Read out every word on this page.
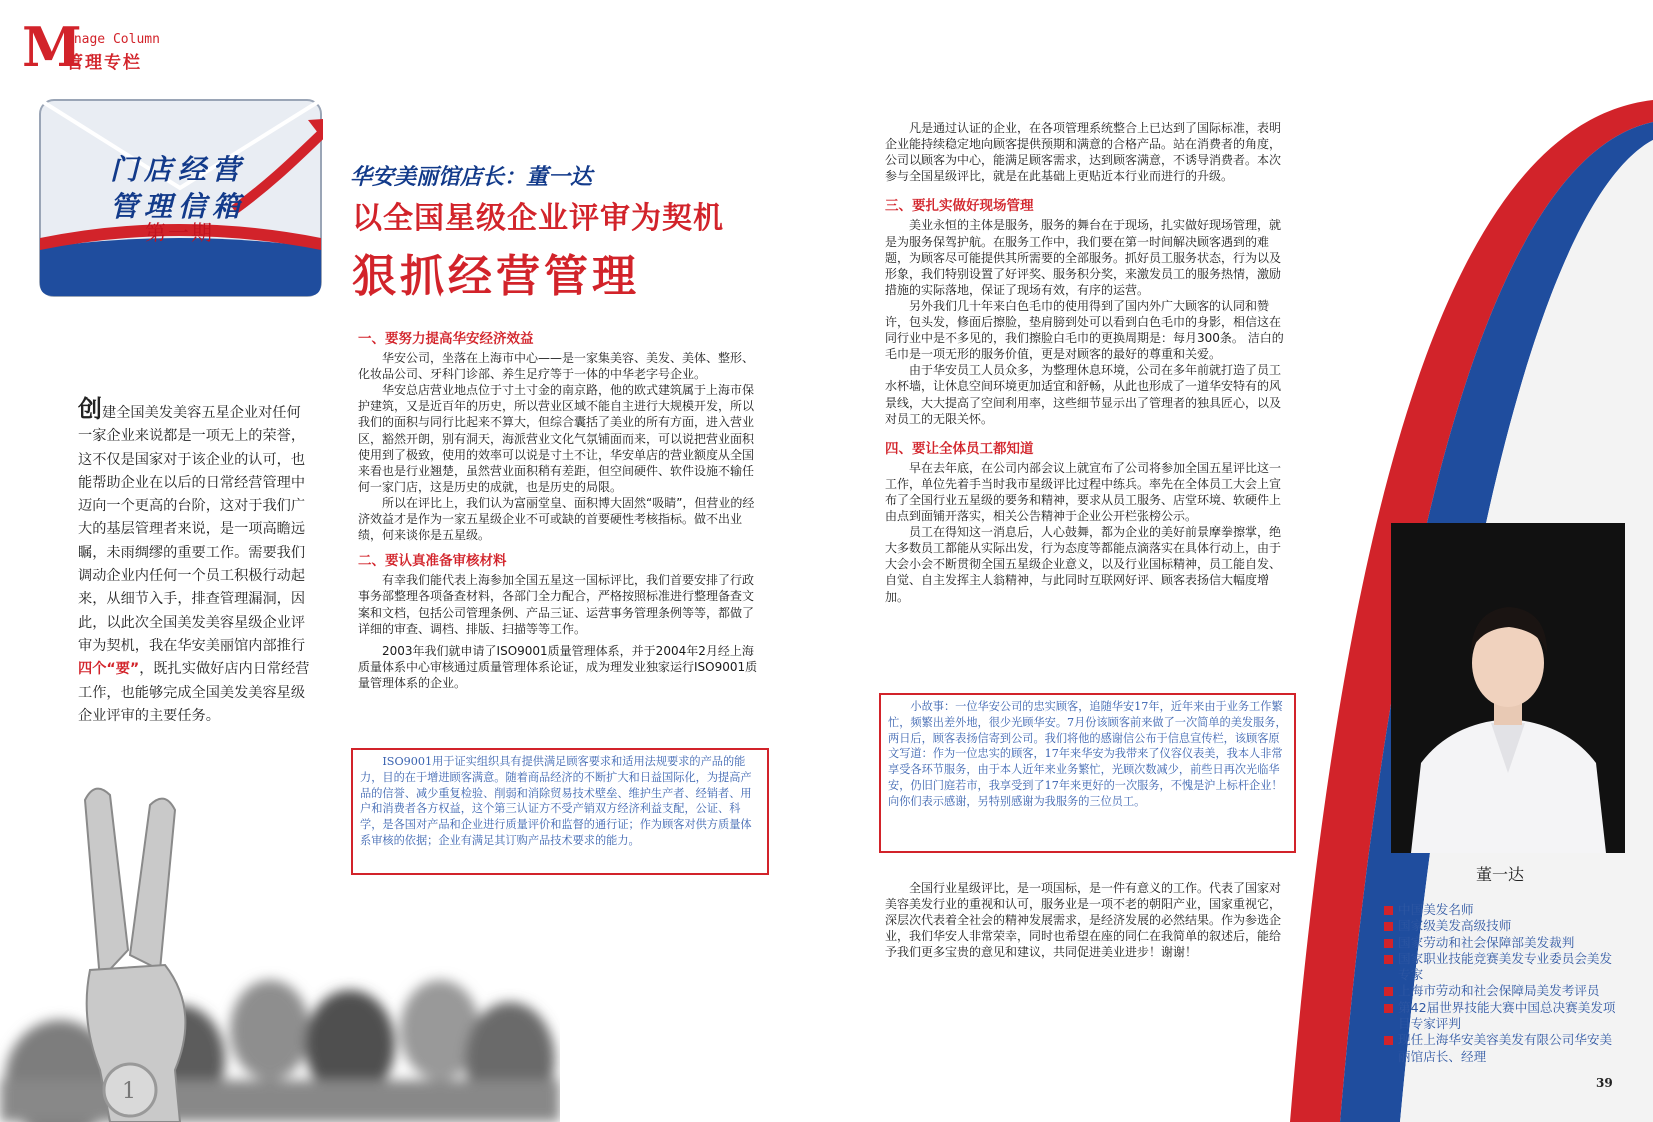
M
anage Column
管理专栏
门店经营
管理信箱
第一期
华安美丽馆店长：董一达
以全国星级企业评审为契机
狠抓经营管理
创建全国美发美容五星企业对任何一家企业来说都是一项无上的荣誉，这不仅是国家对于该企业的认可，也能帮助企业在以后的日常经营管理中迈向一个更高的台阶，这对于我们广大的基层管理者来说，是一项高瞻远瞩，未雨绸缪的重要工作。需要我们调动企业内任何一个员工积极行动起来，从细节入手，排查管理漏洞，因此，以此次全国美发美容星级企业评审为契机，我在华安美丽馆内部推行四个“要”，既扎实做好店内日常经营工作，也能够完成全国美发美容星级企业评审的主要任务。
1
一、要努力提高华安经济效益

华安公司，坐落在上海市中心——是一家集美容、美发、美体、整形、化妆品公司、牙科门诊部、养生足疗等于一体的中华老字号企业。

华安总店营业地点位于寸土寸金的南京路，他的欧式建筑属于上海市保护建筑，又是近百年的历史，所以营业区域不能自主进行大规模开发，所以我们的面积与同行比起来不算大，但综合囊括了美业的所有方面，进入营业区，豁然开朗，别有洞天，海派营业文化气氛铺面而来，可以说把营业面积使用到了极致，使用的效率可以说是寸土不让，华安单店的营业额度从全国来看也是行业翘楚，虽然营业面积稍有差距，但空间硬件、软件设施不输任何一家门店，这是历史的成就，也是历史的局限。

所以在评比上，我们认为富丽堂皇、面积博大固然“吸睛”，但营业的经济效益才是作为一家五星级企业不可或缺的首要硬性考核指标。做不出业绩，何来谈你是五星级。

二、要认真准备审核材料

有幸我们能代表上海参加全国五星这一国标评比，我们首要安排了行政事务部整理各项备查材料，各部门全力配合，严格按照标准进行整理备查文案和文档，包括公司管理条例、产品三证、运营事务管理条例等等，都做了详细的审查、调档、排版、扫描等等工作。

2003年我们就申请了ISO9001质量管理体系，并于2004年2月经上海质量体系中心审核通过质量管理体系论证，成为理发业独家运行ISO9001质量管理体系的企业。

ISO9001用于证实组织具有提供满足顾客要求和适用法规要求的产品的能力，目的在于增进顾客满意。随着商品经济的不断扩大和日益国际化，为提高产品的信誉、减少重复检验、削弱和消除贸易技术壁垒、维护生产者、经销者、用户和消费者各方权益，这个第三认证方不受产销双方经济利益支配，公证、科学，是各国对产品和企业进行质量评价和监督的通行证；作为顾客对供方质量体系审核的依据；企业有满足其订购产品技术要求的能力。

凡是通过认证的企业，在各项管理系统整合上已达到了国际标准，表明企业能持续稳定地向顾客提供预期和满意的合格产品。站在消费者的角度，公司以顾客为中心，能满足顾客需求，达到顾客满意，不诱导消费者。本次参与全国星级评比，就是在此基础上更贴近本行业而进行的升级。

三、要扎实做好现场管理

美业永恒的主体是服务，服务的舞台在于现场，扎实做好现场管理，就是为服务保驾护航。在服务工作中，我们要在第一时间解决顾客遇到的难题，为顾客尽可能提供其所需要的全部服务。抓好员工服务状态，行为以及形象，我们特别设置了好评奖、服务积分奖，来激发员工的服务热情，激励措施的实际落地，保证了现场有效，有序的运营。

另外我们几十年来白色毛巾的使用得到了国内外广大顾客的认同和赞许，包头发，修面后擦脸，垫肩膀到处可以看到白色毛巾的身影，相信这在同行业中是不多见的，我们擦脸白毛巾的更换周期是：每月300条。 洁白的毛巾是一项无形的服务价值，更是对顾客的最好的尊重和关爱。

由于华安员工人员众多，为整理休息环境，公司在多年前就打造了员工水杯墙，让休息空间环境更加适宜和舒畅，从此也形成了一道华安特有的风景线，大大提高了空间利用率，这些细节显示出了管理者的独具匠心，以及对员工的无限关怀。

四、要让全体员工都知道

早在去年底，在公司内部会议上就宣布了公司将参加全国五星评比这一工作，单位先着手当时我市星级评比过程中练兵。率先在全体员工大会上宣布了全国行业五星级的要务和精神，要求从员工服务、店堂环境、软硬件上由点到面铺开落实，相关公告精神于企业公开栏张榜公示。

员工在得知这一消息后，人心鼓舞，都为企业的美好前景摩拳擦掌，绝大多数员工都能从实际出发，行为态度等都能点滴落实在具体行动上，由于大会小会不断贯彻全国五星级企业意义，以及行业国标精神，员工能自发、自觉、自主发挥主人翁精神，与此同时互联网好评、顾客表扬信大幅度增加。

小故事：一位华安公司的忠实顾客，追随华安17年，近年来由于业务工作繁忙，频繁出差外地，很少光顾华安。7月份该顾客前来做了一次简单的美发服务，两日后，顾客表扬信寄到公司。我们将他的感谢信公布于信息宣传栏，该顾客原文写道：作为一位忠实的顾客，17年来华安为我带来了仪容仪表美，我本人非常享受各环节服务，由于本人近年来业务繁忙，光顾次数减少，前些日再次光临华安，仍旧门庭若市，我享受到了17年来更好的一次服务，不愧是沪上标杆企业！向你们表示感谢，另特别感谢为我服务的三位员工。
全国行业星级评比，是一项国标，是一件有意义的工作。代表了国家对美容美发行业的重视和认可，服务业是一项不老的朝阳产业，国家重视它，深层次代表着全社会的精神发展需求，是经济发展的必然结果。作为参选企业，我们华安人非常荣幸，同时也希望在座的同仁在我简单的叙述后，能给予我们更多宝贵的意见和建议，共同促进美业进步！谢谢！
董一达
中国美发名师
国家级美发高级技师
国家劳动和社会保障部美发裁判
国家职业技能竞赛美发专业委员会美发专家
上海市劳动和社会保障局美发考评员
第42届世界技能大赛中国总决赛美发项目专家评判
现任上海华安美容美发有限公司华安美丽馆店长、经理
39
